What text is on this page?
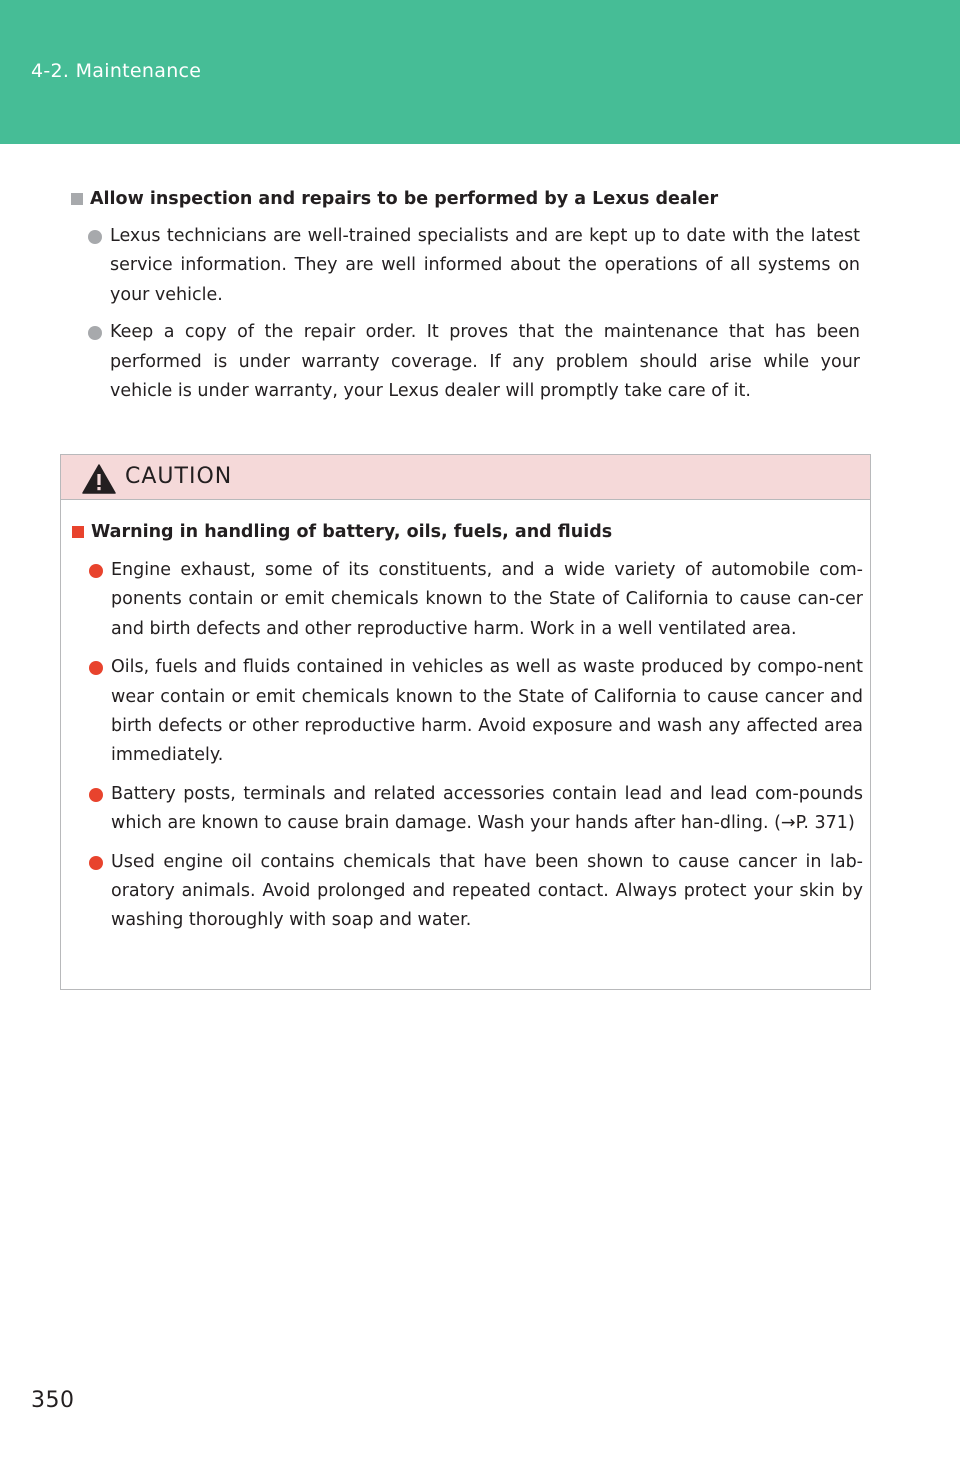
4-2. Maintenance
Allow inspection and repairs to be performed by a Lexus dealer
Lexus technicians are well-trained specialists and are kept up to date with the latest service information. They are well informed about the operations of all systems on your vehicle.
Keep a copy of the repair order. It proves that the maintenance that has been performed is under warranty coverage. If any problem should arise while your vehicle is under warranty, your Lexus dealer will promptly take care of it.
CAUTION
Warning in handling of battery, oils, fuels, and fluids
Engine exhaust, some of its constituents, and a wide variety of automobile com-ponents contain or emit chemicals known to the State of California to cause can-cer and birth defects and other reproductive harm. Work in a well ventilated area.
Oils, fuels and fluids contained in vehicles as well as waste produced by compo-nent wear contain or emit chemicals known to the State of California to cause cancer and birth defects or other reproductive harm. Avoid exposure and wash any affected area immediately.
Battery posts, terminals and related accessories contain lead and lead com-pounds which are known to cause brain damage. Wash your hands after han-dling. (→P. 371)
Used engine oil contains chemicals that have been shown to cause cancer in lab-oratory animals. Avoid prolonged and repeated contact. Always protect your skin by washing thoroughly with soap and water.
350
